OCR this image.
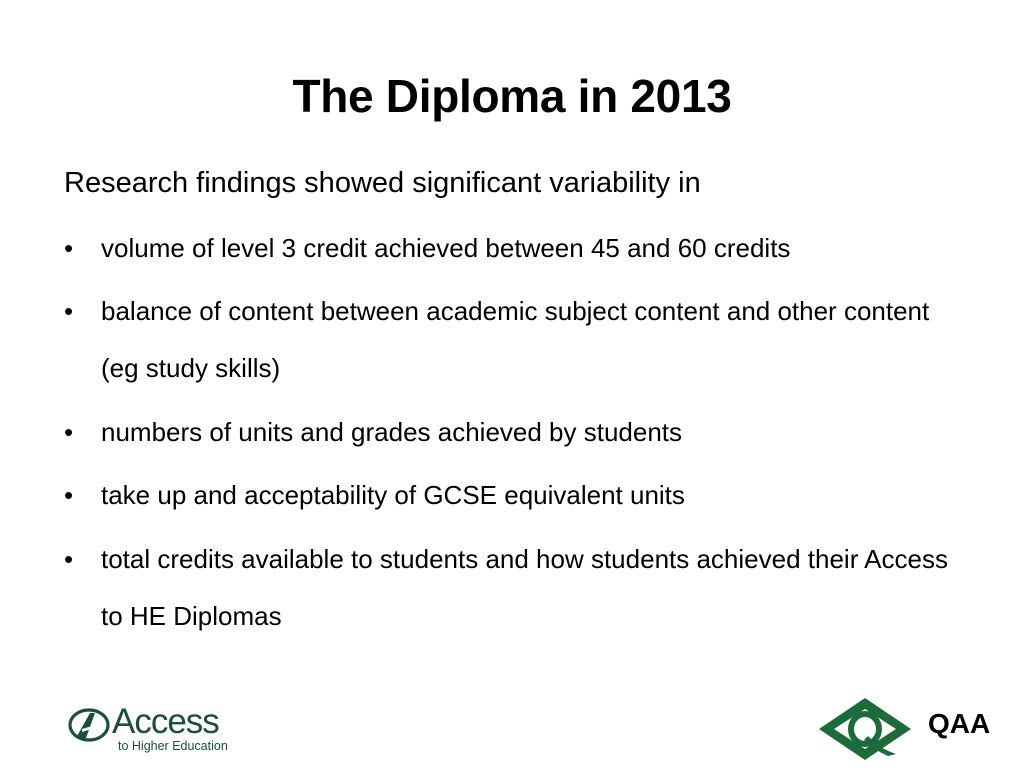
The Diploma in 2013
Research findings showed significant variability in
•	volume of level 3 credit achieved between 45 and 60 credits
•	balance of content between academic subject content and other content (eg study skills)
•	numbers of units and grades achieved by students
•	take up and acceptability of GCSE equivalent units
•	total credits available to students and how students achieved their Access to HE Diplomas
Access
to Higher Education
QAA
